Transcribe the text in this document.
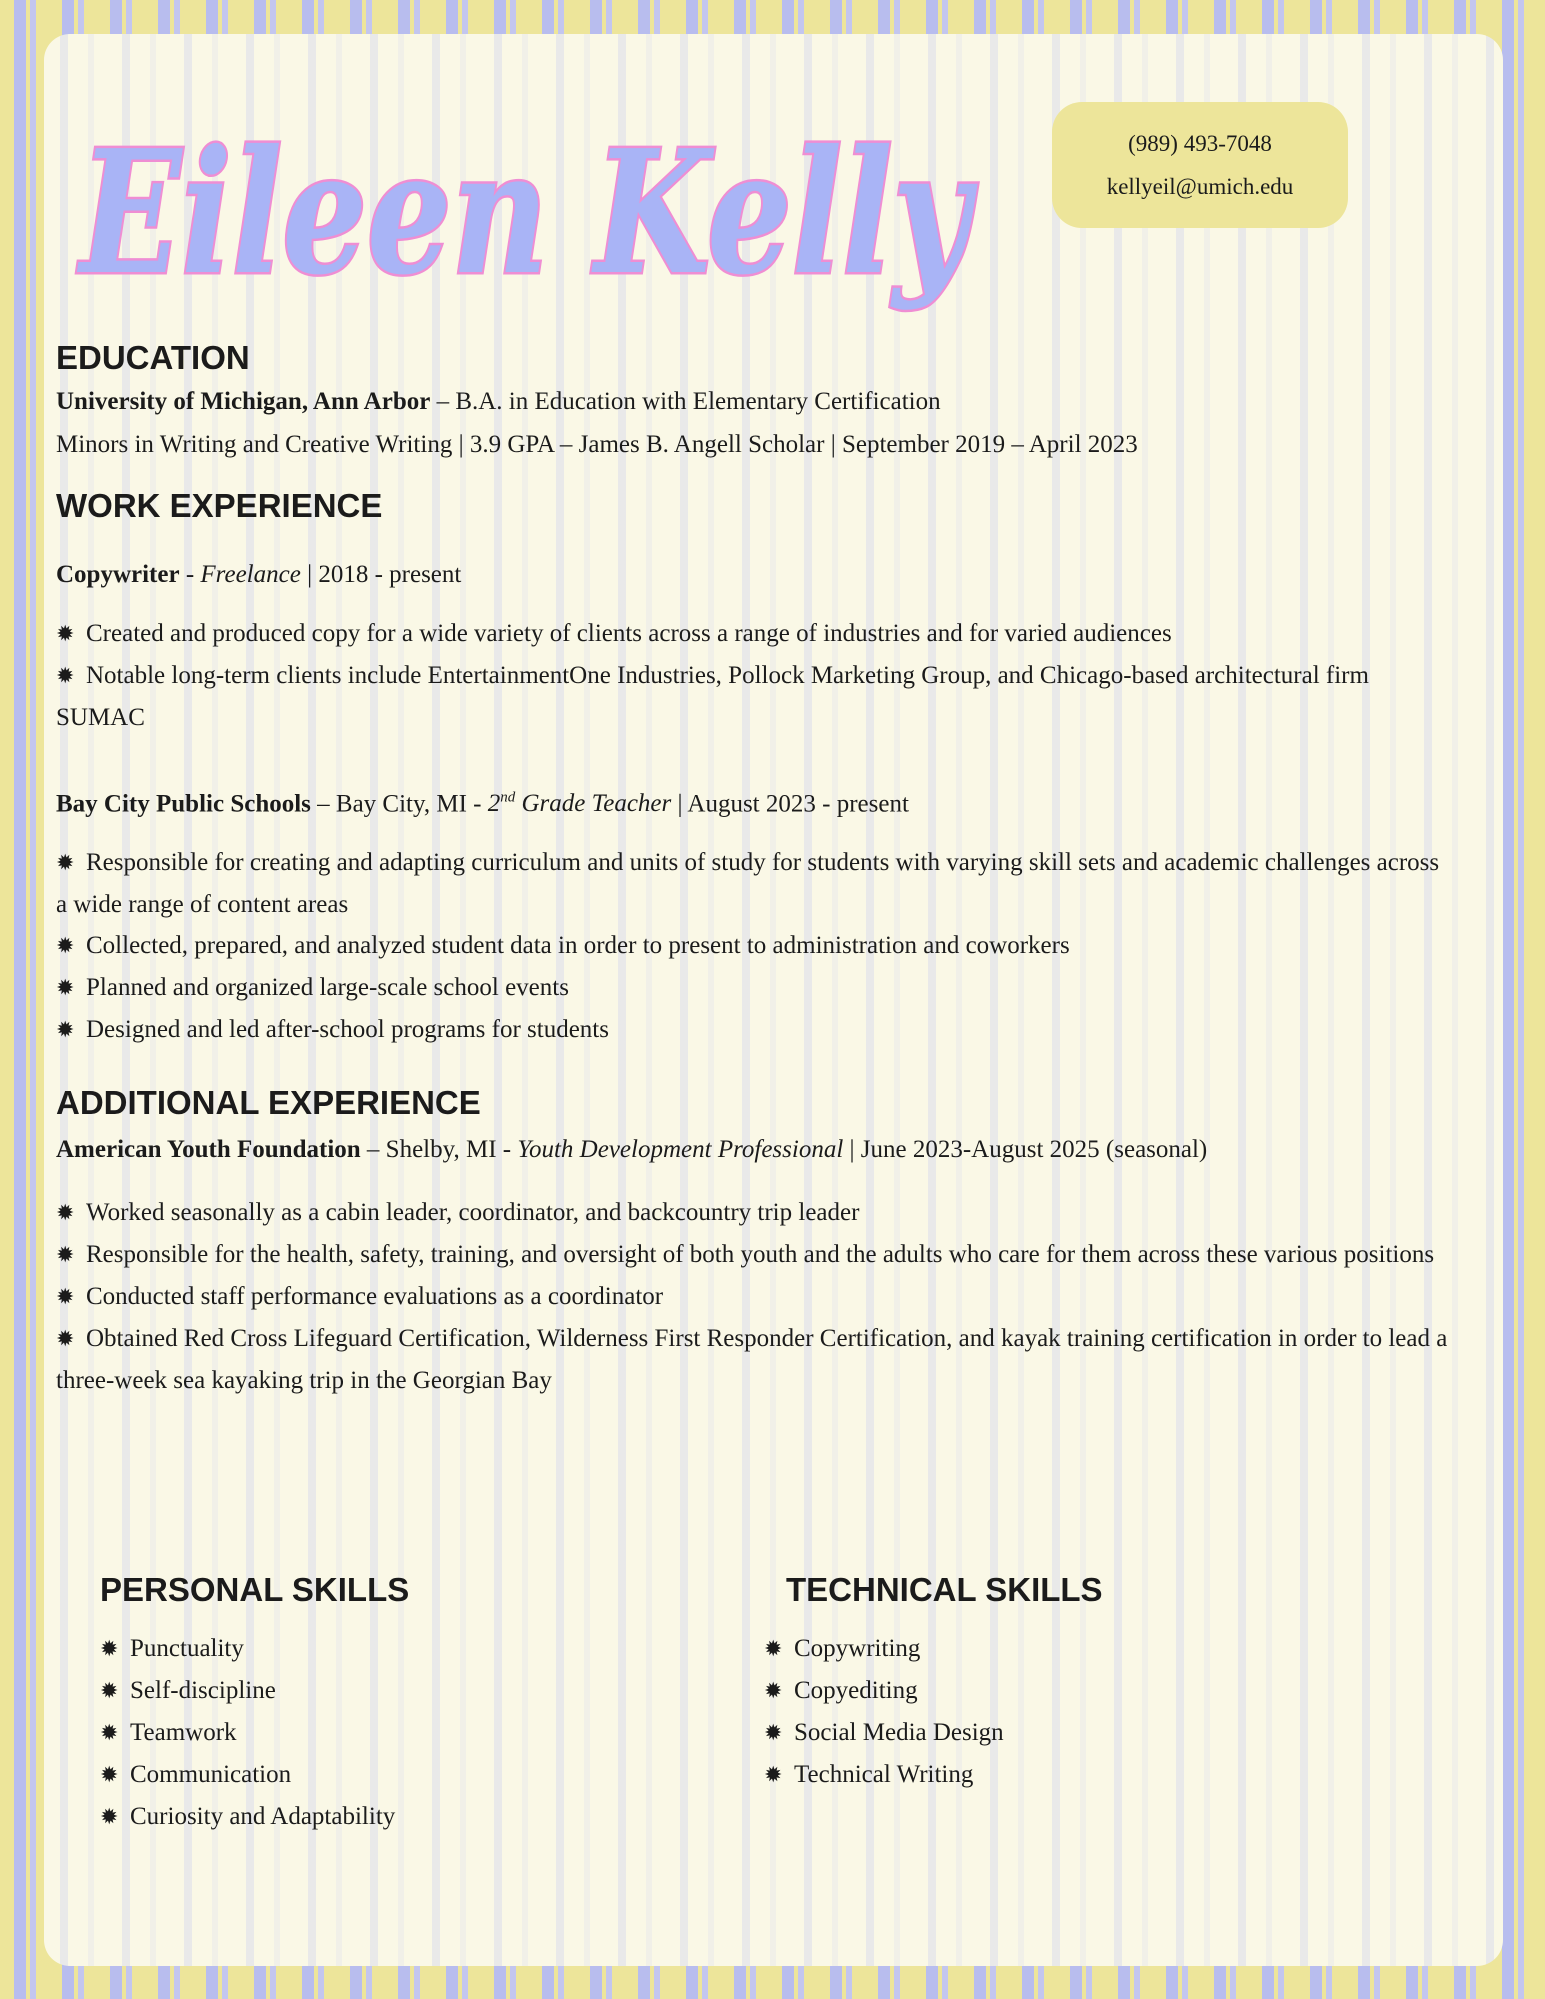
Eileen Kelly	(989) 493-7048
kellyeil@umich.edu
EDUCATION

University of Michigan, Ann Arbor – B.A. in Education with Elementary Certification

Minors in Writing and Creative Writing | 3.9 GPA – James B. Angell Scholar | September 2019 – April 2023

WORK EXPERIENCE

Copywriter - Freelance | 2018 - present

✹ Created and produced copy for a wide variety of clients across a range of industries and for varied audiences
✹ Notable long-term clients include EntertainmentOne Industries, Pollock Marketing Group, and Chicago-based architectural firm SUMAC

Bay City Public Schools – Bay City, MI - 2nd Grade Teacher | August 2023 - present

✹ Responsible for creating and adapting curriculum and units of study for students with varying skill sets and academic challenges across a wide range of content areas
✹ Collected, prepared, and analyzed student data in order to present to administration and coworkers
✹ Planned and organized large-scale school events
✹ Designed and led after-school programs for students
ADDITIONAL EXPERIENCE

American Youth Foundation – Shelby, MI - Youth Development Professional | June 2023-August 2025 (seasonal)

✹ Worked seasonally as a cabin leader, coordinator, and backcountry trip leader
✹ Responsible for the health, safety, training, and oversight of both youth and the adults who care for them across these various positions
✹ Conducted staff performance evaluations as a coordinator
✹ Obtained Red Cross Lifeguard Certification, Wilderness First Responder Certification, and kayak training certification in order to lead a three-week sea kayaking trip in the Georgian Bay
PERSONAL SKILLS
✹ Punctuality
✹ Self-discipline
✹ Teamwork
✹ Communication
✹ Curiosity and Adaptability
TECHNICAL SKILLS
✹ Copywriting
✹ Copyediting
✹ Social Media Design
✹ Technical Writing
